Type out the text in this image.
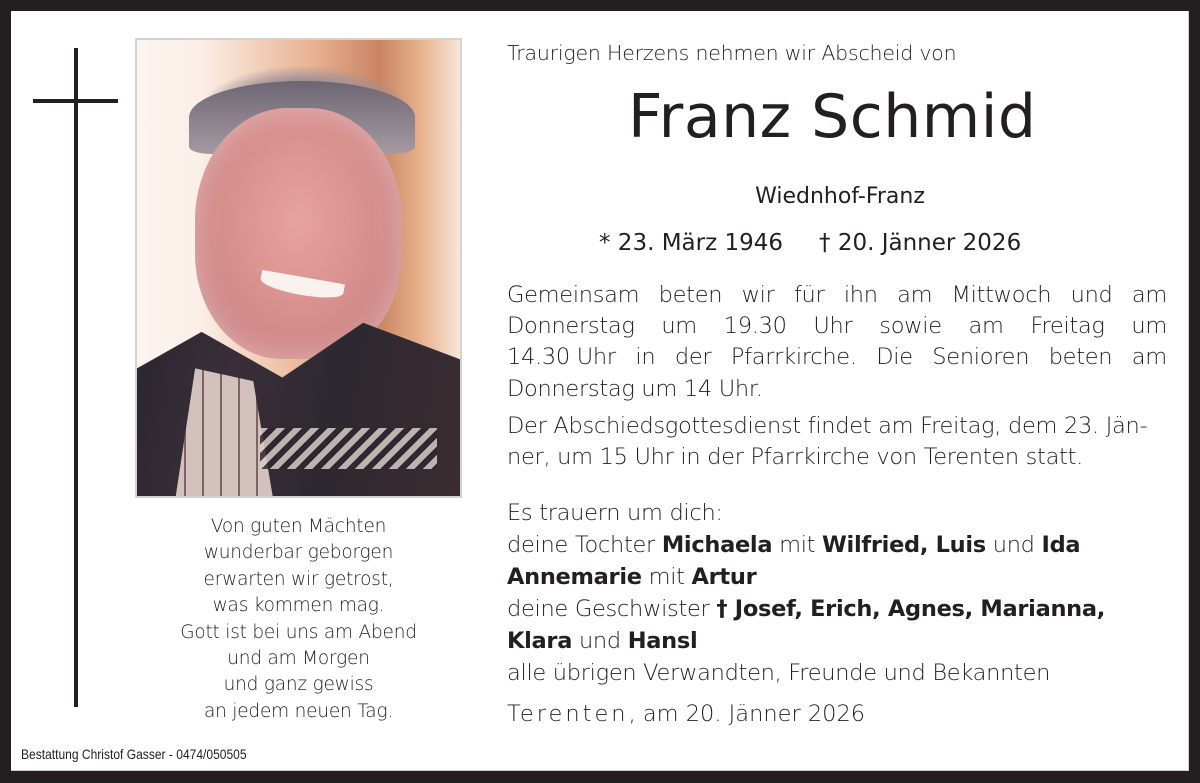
Von guten Mächten
wunderbar geborgen
erwarten wir getrost,
was kommen mag.
Gott ist bei uns am Abend
und am Morgen
und ganz gewiss
an jedem neuen Tag.
Bestattung Christof Gasser - 0474/050505
Traurigen Herzens nehmen wir Abscheid von
Franz Schmid
Wiednhof-Franz
* 23. März 1946 † 20. Jänner 2026
Gemeinsam beten wir für ihn am Mittwoch und am
Donnerstag um 19.30 Uhr sowie am Freitag um
14.30 Uhr in der Pfarrkirche. Die Senioren beten am
Donnerstag um 14 Uhr.
Der Abschiedsgottesdienst findet am Freitag, dem 23. Jän-
ner, um 15 Uhr in der Pfarrkirche von Terenten statt.
Es trauern um dich:
deine Tochter Michaela mit Wilfried, Luis und Ida
Annemarie mit Artur
deine Geschwister † Josef, Erich, Agnes, Marianna,
Klara und Hansl
alle übrigen Verwandten, Freunde und Bekannten
Terenten, am 20. Jänner 2026
